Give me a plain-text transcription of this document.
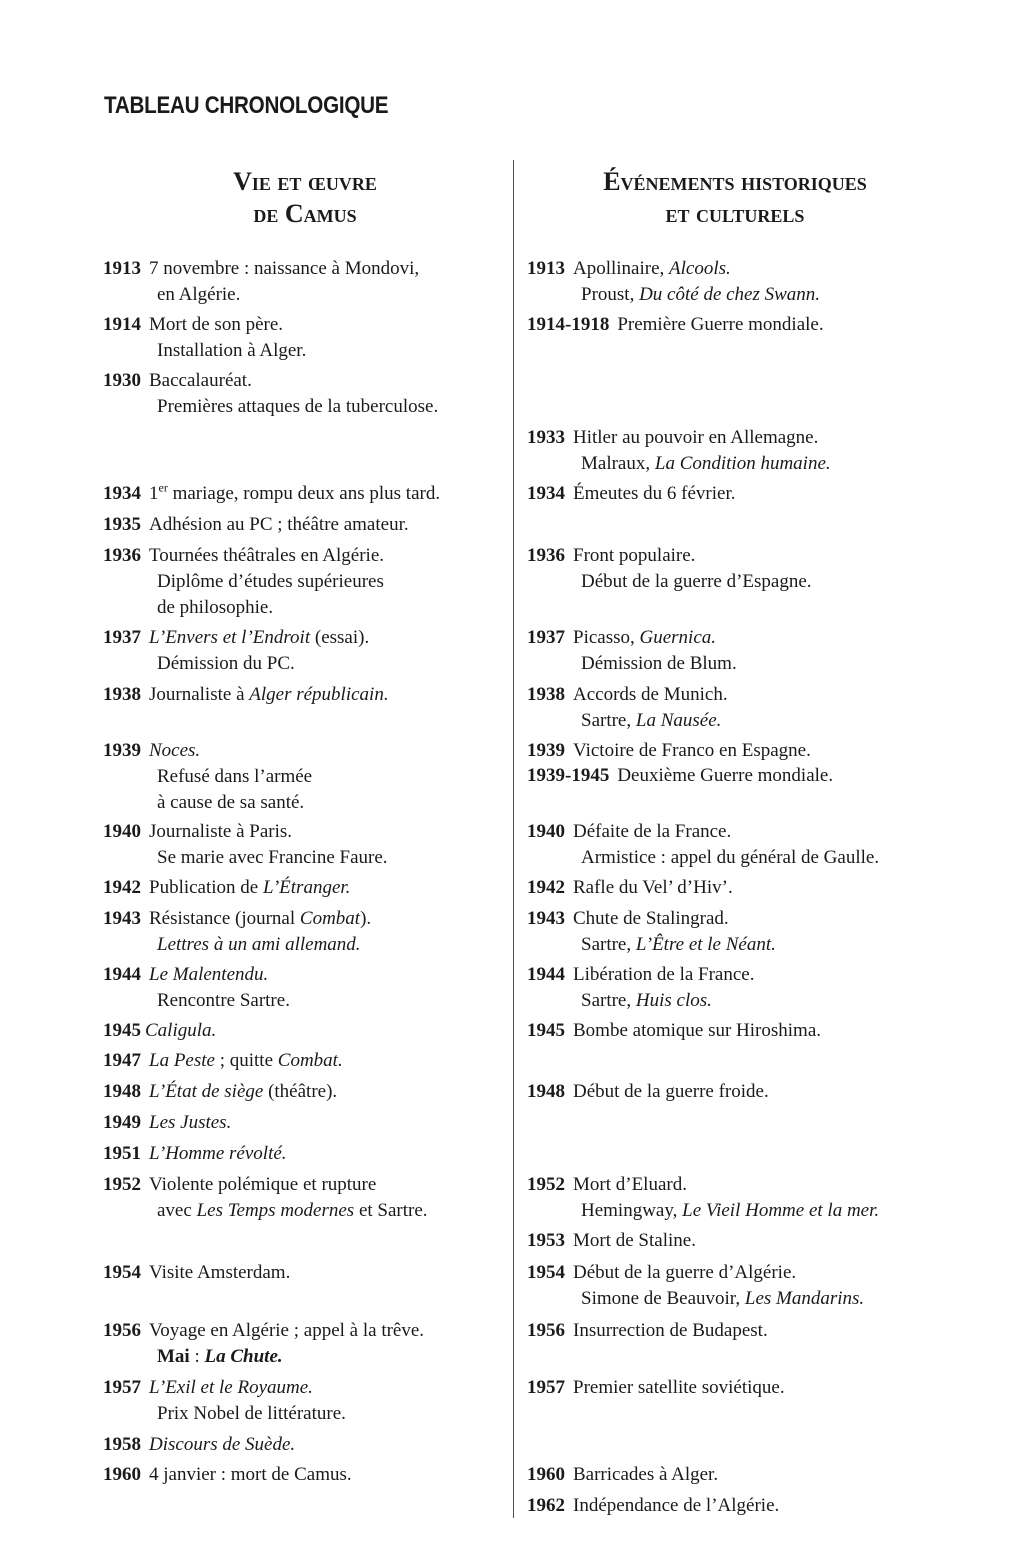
TABLEAU CHRONOLOGIQUE
Vie et œuvre
de Camus
Événements historiques
et culturels
1913 7 novembre : naissance à Mondovi,
en Algérie.
1914 Mort de son père.
Installation à Alger.
1930 Baccalauréat.
Premières attaques de la tuberculose.
1934 1er mariage, rompu deux ans plus tard.
1935 Adhésion au PC ; théâtre amateur.
1936 Tournées théâtrales en Algérie.
Diplôme d’études supérieures
de philosophie.
1937 L’Envers et l’Endroit (essai).
Démission du PC.
1938 Journaliste à Alger républicain.
1939 Noces.
Refusé dans l’armée
à cause de sa santé.
1940 Journaliste à Paris.
Se marie avec Francine Faure.
1942 Publication de L’Étranger.
1943 Résistance (journal Combat).
Lettres à un ami allemand.
1944 Le Malentendu.
Rencontre Sartre.
1945 Caligula.
1947 La Peste ; quitte Combat.
1948 L’État de siège (théâtre).
1949 Les Justes.
1951 L’Homme révolté.
1952 Violente polémique et rupture
avec Les Temps modernes et Sartre.
1954 Visite Amsterdam.
1956 Voyage en Algérie ; appel à la trêve.
Mai : La Chute.
1957 L’Exil et le Royaume.
Prix Nobel de littérature.
1958 Discours de Suède.
1960 4 janvier : mort de Camus.
1913 Apollinaire, Alcools.
Proust, Du côté de chez Swann.
1914-1918 Première Guerre mondiale.
1933 Hitler au pouvoir en Allemagne.
Malraux, La Condition humaine.
1934 Émeutes du 6 février.
1936 Front populaire.
Début de la guerre d’Espagne.
1937 Picasso, Guernica.
Démission de Blum.
1938 Accords de Munich.
Sartre, La Nausée.
1939 Victoire de Franco en Espagne.
1939-1945 Deuxième Guerre mondiale.
1940 Défaite de la France.
Armistice : appel du général de Gaulle.
1942 Rafle du Vel’ d’Hiv’.
1943 Chute de Stalingrad.
Sartre, L’Être et le Néant.
1944 Libération de la France.
Sartre, Huis clos.
1945 Bombe atomique sur Hiroshima.
1948 Début de la guerre froide.
1952 Mort d’Eluard.
Hemingway, Le Vieil Homme et la mer.
1953 Mort de Staline.
1954 Début de la guerre d’Algérie.
Simone de Beauvoir, Les Mandarins.
1956 Insurrection de Budapest.
1957 Premier satellite soviétique.
1960 Barricades à Alger.
1962 Indépendance de l’Algérie.
